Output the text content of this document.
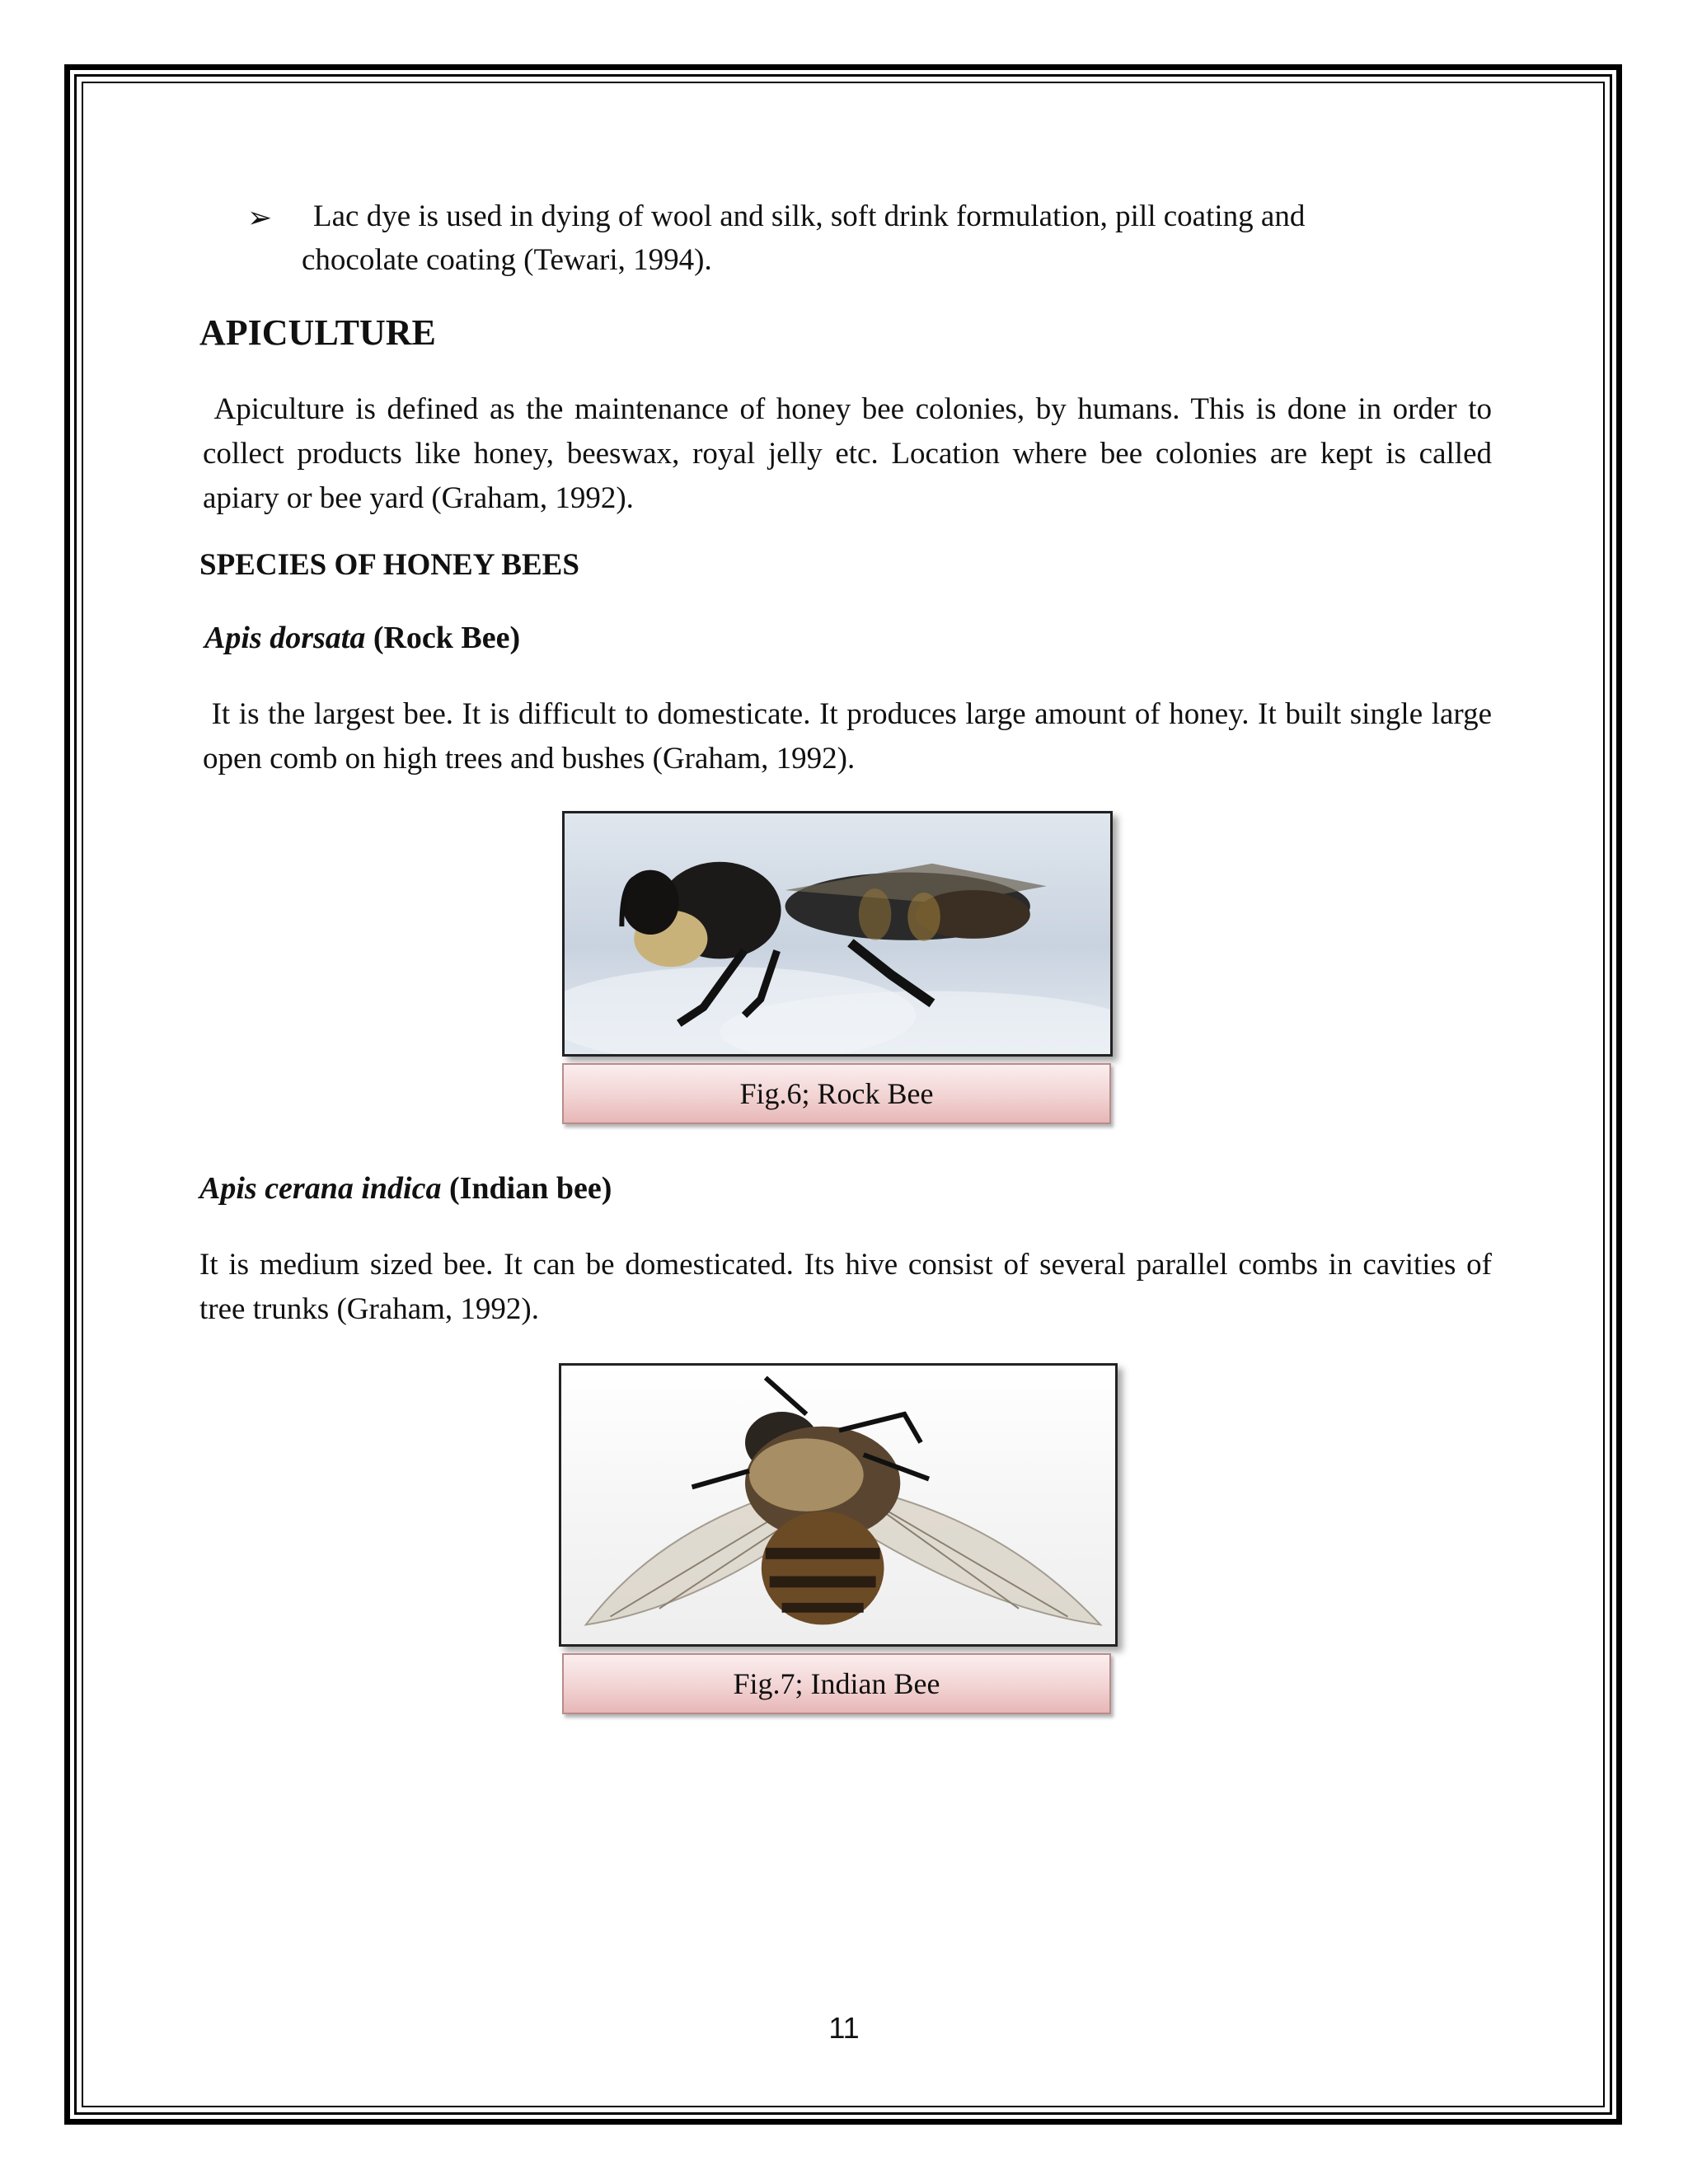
➢	Lac dye is used in dying of wool and silk, soft drink formulation, pill coating and
chocolate coating (Tewari, 1994).
APICULTURE
Apiculture is defined as the maintenance of honey bee colonies, by humans. This is done in order to collect products like honey, beeswax, royal jelly etc. Location where bee colonies are kept is called apiary or bee yard (Graham, 1992).
SPECIES OF HONEY BEES
Apis dorsata (Rock Bee)
It is the largest bee. It is difficult to domesticate. It produces large amount of honey. It built single large open comb on high trees and bushes (Graham, 1992).
Fig.6; Rock Bee
Apis cerana indica (Indian bee)
It is medium sized bee. It can be domesticated. Its hive consist of several parallel combs in cavities of tree trunks (Graham, 1992).
Fig.7; Indian Bee
11
